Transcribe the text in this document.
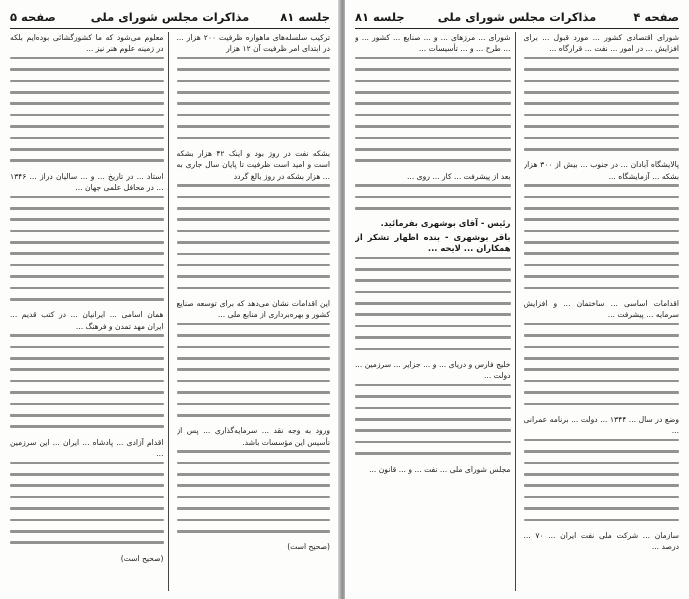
جلسه ۸۱
مذاکرات مجلس شورای ملی
صفحه ۵

ترکیب سلسله‌های ماهواره ظرفیت ۲۰۰ هزار ... در ابتدای امر ظرفیت آن ۱۲ هزار

بشکه نفت در روز بود و اینک ۴۲ هزار بشکه است و امید است ظرفیت تا پایان سال جاری به ... هزار بشکه در روز بالغ گردد

این اقدامات نشان می‌دهد که برای توسعه صنایع کشور و بهره‌برداری از منابع ملی ...

ورود به وجه نقد ... سرمایه‌گذاری ... پس از تأسیس این مؤسسات باشد.

(صحیح است)

معلوم می‌شود که ما کشور‌گشائی بوده‌ایم بلکه در زمینه علوم هنر نیز ...

استاد ... در تاریخ ... و ... سالیان دراز ... ۱۳۴۶ ... در محافل علمی جهان ...

همان اسامی ... ایرانیان ... در کتب قدیم ... ایران مهد تمدن و فرهنگ ...

اقدام آزادی ... پادشاه ... ایران ... این سرزمین ...

(صحیح است)

صفحه ۴
مذاکرات مجلس شورای ملی
جلسه ۸۱

شورای اقتصادی کشور ... مورد قبول ... برای افزایش ... در امور ... نفت ... قرارگاه ...

پالایشگاه آبادان ... در جنوب ... بیش از ۳۰۰ هزار بشکه ... آزمایشگاه ...

اقدامات اساسی ... ساختمان ... و افزایش سرمایه ... پیشرفت ...

وضع در سال ... ۱۳۴۴ ... دولت ... برنامه عمرانی ...

سازمان ... شرکت ملی نفت ایران ... ۷۰ ... درصد ...

شورای ... مرزهای ... و ... صنایع ... کشور ... و ... طرح ... و ... تأسیسات ...

بعد از پیشرفت ... کار ... روی ...

رئیس - آقای بوشهری بفرمائید.

باقر بوشهری - بنده اظهار تشکر از همکاران ... لایحه ...

خلیج فارس و دریای ... و ... جزایر ... سرزمین ... دولت ...

مجلس شورای ملی ... نفت ... و ... قانون ...
